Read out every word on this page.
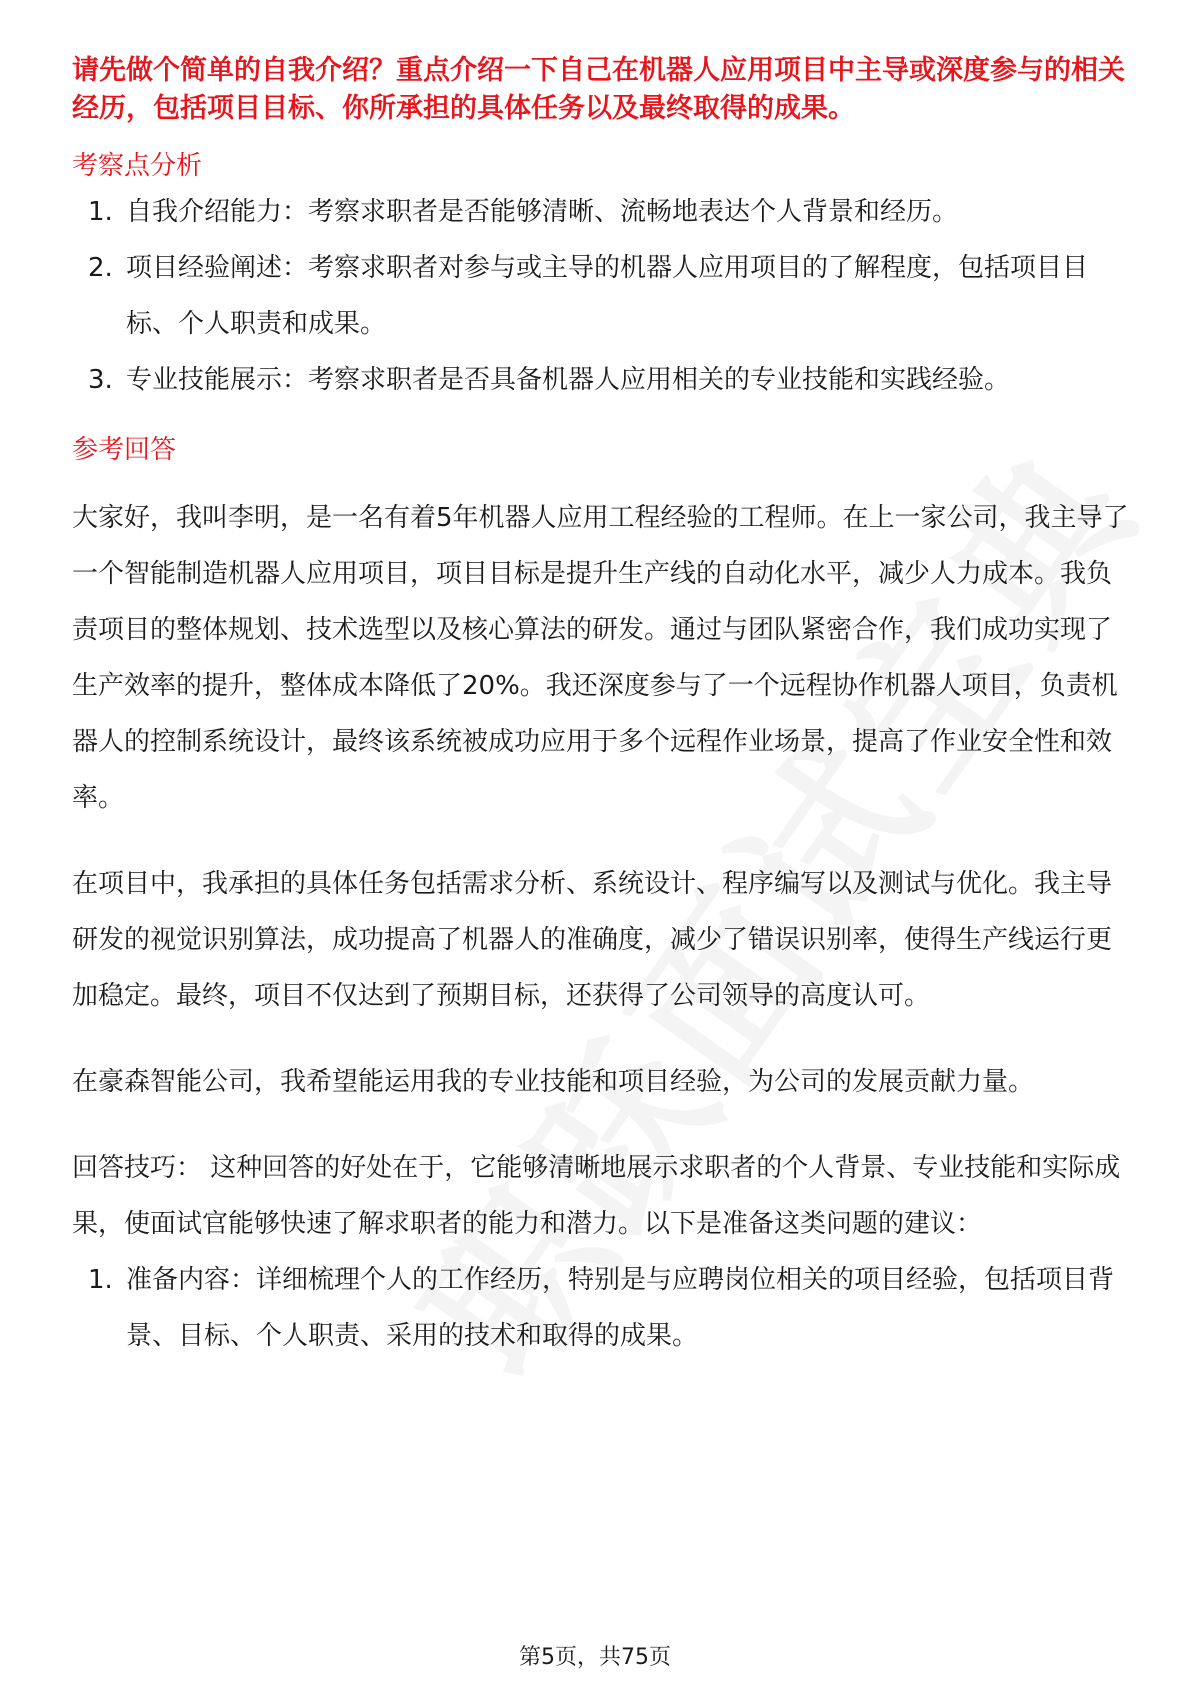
请先做个简单的自我介绍？重点介绍一下自己在机器人应用项目中主导或深度参与的相关经历，包括项目目标、你所承担的具体任务以及最终取得的成果。

考察点分析

1. 自我介绍能力：考察求职者是否能够清晰、流畅地表达个人背景和经历。
2. 项目经验阐述：考察求职者对参与或主导的机器人应用项目的了解程度，包括项目目标、个人职责和成果。
3. 专业技能展示：考察求职者是否具备机器人应用相关的专业技能和实践经验。

参考回答

大家好，我叫李明，是一名有着5年机器人应用工程经验的工程师。在上一家公司，我主导了一个智能制造机器人应用项目，项目目标是提升生产线的自动化水平，减少人力成本。我负责项目的整体规划、技术选型以及核心算法的研发。通过与团队紧密合作，我们成功实现了生产效率的提升，整体成本降低了20%。我还深度参与了一个远程协作机器人项目，负责机器人的控制系统设计，最终该系统被成功应用于多个远程作业场景，提高了作业安全性和效率。

在项目中，我承担的具体任务包括需求分析、系统设计、程序编写以及测试与优化。我主导研发的视觉识别算法，成功提高了机器人的准确度，减少了错误识别率，使得生产线运行更加稳定。最终，项目不仅达到了预期目标，还获得了公司领导的高度认可。

在豪森智能公司，我希望能运用我的专业技能和项目经验，为公司的发展贡献力量。

回答技巧： 这种回答的好处在于，它能够清晰地展示求职者的个人背景、专业技能和实际成果，使面试官能够快速了解求职者的能力和潜力。以下是准备这类问题的建议：

1. 准备内容：详细梳理个人的工作经历，特别是与应聘岗位相关的项目经验，包括项目背景、目标、个人职责、采用的技术和取得的成果。
第5页，共75页
